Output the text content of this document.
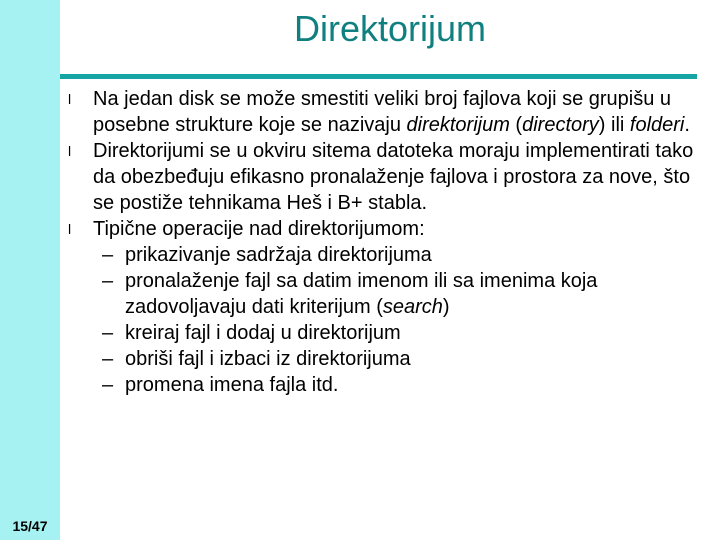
15/47
Direktorijum
l Na jedan disk se može smestiti veliki broj fajlova koji se grupišu u posebne strukture koje se nazivaju direktorijum (directory) ili folderi.
l Direktorijumi se u okviru sitema datoteka moraju implementirati tako da obezbeđuju efikasno pronalaženje fajlova i prostora za nove, što se postiže tehnikama Heš i B+ stabla.
l Tipične operacije nad direktorijumom:
– prikazivanje sadržaja direktorijuma
– pronalaženje fajl sa datim imenom ili sa imenima koja zadovoljavaju dati kriterijum (search)
– kreiraj fajl i dodaj u direktorijum
– obriši fajl i izbaci iz direktorijuma
– promena imena fajla itd.
